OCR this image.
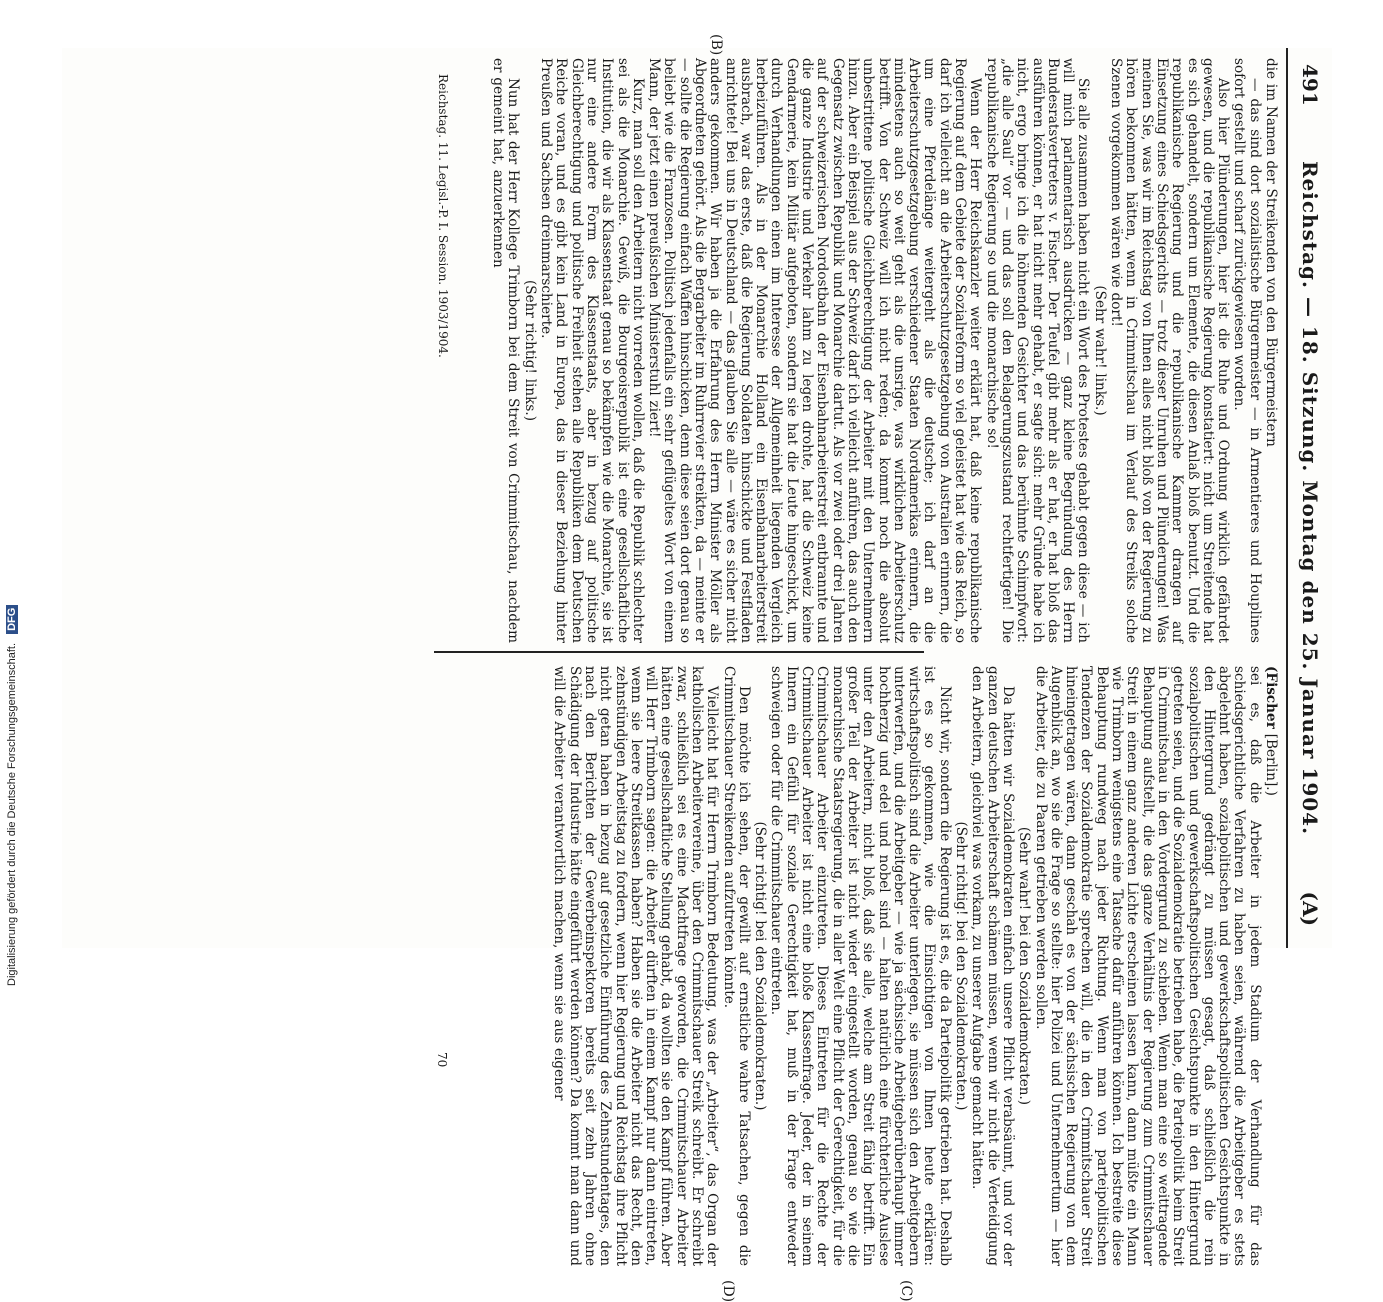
491
Reichstag. — 18. Sitzung. Montag den 25. Januar 1904.
(A)
(C)
(B)
(D)

(Fischer [Berlin].)

sei es, daß die Arbeiter in jedem Stadium der Verhandlung für das schiedsgerichtliche Verfahren zu haben seien, während die Arbeitgeber es stets abgelehnt haben, sozialpolitischen und gewerkschaftspolitischen Gesichtspunkte in den Hintergrund gedrängt zu müssen gesagt, daß schließlich die rein sozialpolitischen und gewerkschaftspolitischen Gesichtspunkte in den Hintergrund getreten seien, und die Sozialdemokratie betrieben habe, die Parteipolitik beim Streit in Crimmitschau in den Vordergrund zu schieben. Wenn man eine so weittragende Behauptung aufstellt, die das ganze Verhältnis der Regierung zum Crimmitschauer Streit in einem ganz anderen Lichte erscheinen lassen kann, dann müßte ein Mann wie Trimborn wenigstens eine Tatsache dafür anführen können. Ich bestreite diese Behauptung rundweg nach jeder Richtung. Wenn man von parteipolitischen Tendenzen der Sozialdemokratie sprechen will, die in den Crimmitschauer Streit hineingetragen wären, dann geschah es von der sächsischen Regierung von dem Augenblick an, wo sie die Frage so stellte: hier Polizei und Unternehmertum — hier die Arbeiter, die zu Paaren getrieben werden sollen.

(Sehr wahr! bei den Sozialdemokraten.)

Da hätten wir Sozialdemokraten einfach unsere Pflicht verabsäumt, und vor der ganzen deutschen Arbeiterschaft schämen müssen, wenn wir nicht die Verteidigung den Arbeitern, gleichviel was vorkam, zu unserer Aufgabe gemacht hätten.

(Sehr richtig! bei den Sozialdemokraten.)

Nicht wir, sondern die Regierung ist es, die da Parteipolitik getrieben hat. Deshalb ist es so gekommen, wie die Einsichtigen von Ihnen heute erklären: wirtschaftspolitisch sind die Arbeiter unterlegen, sie müssen sich den Arbeitgebern unterwerfen, und die Arbeitgeber — wie ja sächsische Arbeitgeberüberhaupt immer hochherzig und edel und nobel sind — halten natürlich eine fürchterliche Auslese unter den Arbeitern, nicht bloß, daß sie alle, welche am Streit fähig betrifft. Ein großer Teil der Arbeiter ist nicht wieder eingestellt worden, genau so wie die monarchische Staatsregierung, die in aller Welt eine Pflicht der Gerechtigkeit, für die Crimmitschauer Arbeiter einzutreten. Dieses Eintreten für die Rechte der Crimmitschauer Arbeiter ist nicht eine bloße Klassenfrage. Jeder, der in seinem Innern ein Gefühl für soziale Gerechtigkeit hat, muß in der Frage entweder schweigen oder für die Crimmitschauer eintreten.

(Sehr richtig! bei den Sozialdemokraten.)

Den möchte ich sehen, der gewillt auf ernstliche wahre Tatsachen, gegen die Crimmitschauer Streikenden aufzutreten könnte.

Vielleicht hat für Herrn Trimborn Bedeutung, was der „Arbeiter“, das Organ der katholischen Arbeitervereine, über den Crimmitschauer Streik schreibt. Er schreibt zwar, schließlich sei es eine Machtfrage geworden, die Crimmitschauer Arbeiter hätten eine gesellschaftliche Stellung gehabt, da wollten sie den Kampf führen. Aber will Herr Trimborn sagen: die Arbeiter dürften in einem Kampf nur dann eintreten, wenn sie leere Streitkassen haben? Haben sie die Arbeiter nicht das Recht, den zehnstündigen Arbeitstag zu fordern, wenn hier Regierung und Reichstag ihre Pflicht nicht getan haben in bezug auf gesetzliche Einführung des Zehnstundentages, den nach den Berichten der Gewerbeinspektoren bereits seit zehn Jahren ohne Schädigung der Industrie hätte eingeführt werden können? Da kommt man dann und will die Arbeiter verantwortlich machen, wenn sie aus eigener

die im Namen der Streikenden von den Bürgermeistern

— das sind dort sozialistische Bürgermeister — in Armentieres und Houplines sofort gestellt und scharf zurückgewiesen worden.

Also hier Plünderungen, hier ist die Ruhe und Ordnung wirklich gefährdet gewesen, und die republikanische Regierung konstatiert: nicht um Streitende hat es sich gehandelt, sondern um Elemente, die diesen Anlaß bloß benutzt. Und die republikanische Regierung und die republikanische Kammer drangen auf Einsetzung eines Schiedsgerichts — trotz dieser Unruhen und Plünderungen! Was meinen Sie, was wir im Reichstag von Ihnen alles nicht bloß von der Regierung zu hören bekommen hätten, wenn in Crimmitschau im Verlauf des Streiks solche Szenen vorgekommen wären wie dort!

(Sehr wahr! links.)

Sie alle zusammen haben nicht ein Wort des Protestes gehabt gegen diese — ich will mich parlamentarisch ausdrücken — ganz kleine Begründung des Herrn Bundesratsvertreters v. Fischer. Der Teufel gibt mehr als er hat, er hat bloß das ausführen können, er hat nicht mehr gehabt, er sagte sich: mehr Gründe habe ich nicht, ergo bringe ich die höhnenden Gesichter und das berühmte Schimpfwort: „die alle Saul“ vor — und das soll den Belagerungszustand rechtfertigen! Die republikanische Regierung so und die monarchische so!

Wenn der Herr Reichskanzler weiter erklärt hat, daß keine republikanische Regierung auf dem Gebiete der Sozialreform so viel geleistet hat wie das Reich, so darf ich vielleicht an die Arbeiterschutzgesetzgebung von Australien erinnern, die um eine Pferdelänge weitergeht als die deutsche; ich darf an die Arbeiterschutzgesetzgebung verschiedener Staaten Nordamerikas erinnern, die mindestens auch so weit geht als die unsrige, was wirklichen Arbeiterschutz betrifft. Von der Schweiz will ich nicht reden; da kommt noch die absolut unbestrittene politische Gleichberechtigung der Arbeiter mit den Unternehmern hinzu. Aber ein Beispiel aus der Schweiz darf ich vielleicht anführen, das auch den Gegensatz zwischen Republik und Monarchie dartut. Als vor zwei oder drei Jahren auf der schweizerischen Nordostbahn der Eisenbahnarbeiterstreit entbrannte und die ganze Industrie und Verkehr lahm zu legen drohte, hat die Schweiz keine Gendarmerie, kein Militär aufgeboten, sondern sie hat die Leute hingeschickt, um durch Verhandlungen einen im Interesse der Allgemeinheit liegenden Vergleich herbeizuführen. Als in der Monarchie Holland ein Eisenbahnarbeiterstreit ausbrach, war das erste, daß die Regierung Soldaten hinschickte und Festfladen anrichtete! Bei uns in Deutschland — das glauben Sie alle — wäre es sicher nicht anders gekommen. Wir haben ja die Erfahrung des Herrn Minister Möller als Abgeordneten gehört. Als die Bergarbeiter im Ruhrrevier streikten, da — meinte er — sollte die Regierung einfach Waffen hinschicken, denn diese seien dort genau so beliebt wie die Franzosen. Politisch jedenfalls ein sehr geflügeltes Wort von einem Mann, der jetzt einen preußischen Ministerstuhl ziert!

Kurz, man soll den Arbeitern nicht vorreden wollen, daß die Republik schlechter sei als die Monarchie. Gewiß, die Bourgeoisrepublik ist eine gesellschaftliche Institution, die wir als Klassenstaat genau so bekämpfen wie die Monarchie, sie ist nur eine andere Form des Klassenstaats, aber in bezug auf politische Gleichberechtigung und politische Freiheit stehen alle Republiken dem Deutschen Reiche voran, und es gibt kein Land in Europa, das in dieser Beziehung hinter Preußen und Sachsen dreinmarschierte.

(Sehr richtig! links.)

Nun hat der Herr Kollege Trimborn bei dem Streit von Crimmitschau, nachdem er gemeint hat, anzuerkennen

Reichstag. 11. Legisl.-P. I. Session. 1903/1904.
70
Digitalisierung gefördert durch die Deutsche Forschungsgemeinschaft. DFG
